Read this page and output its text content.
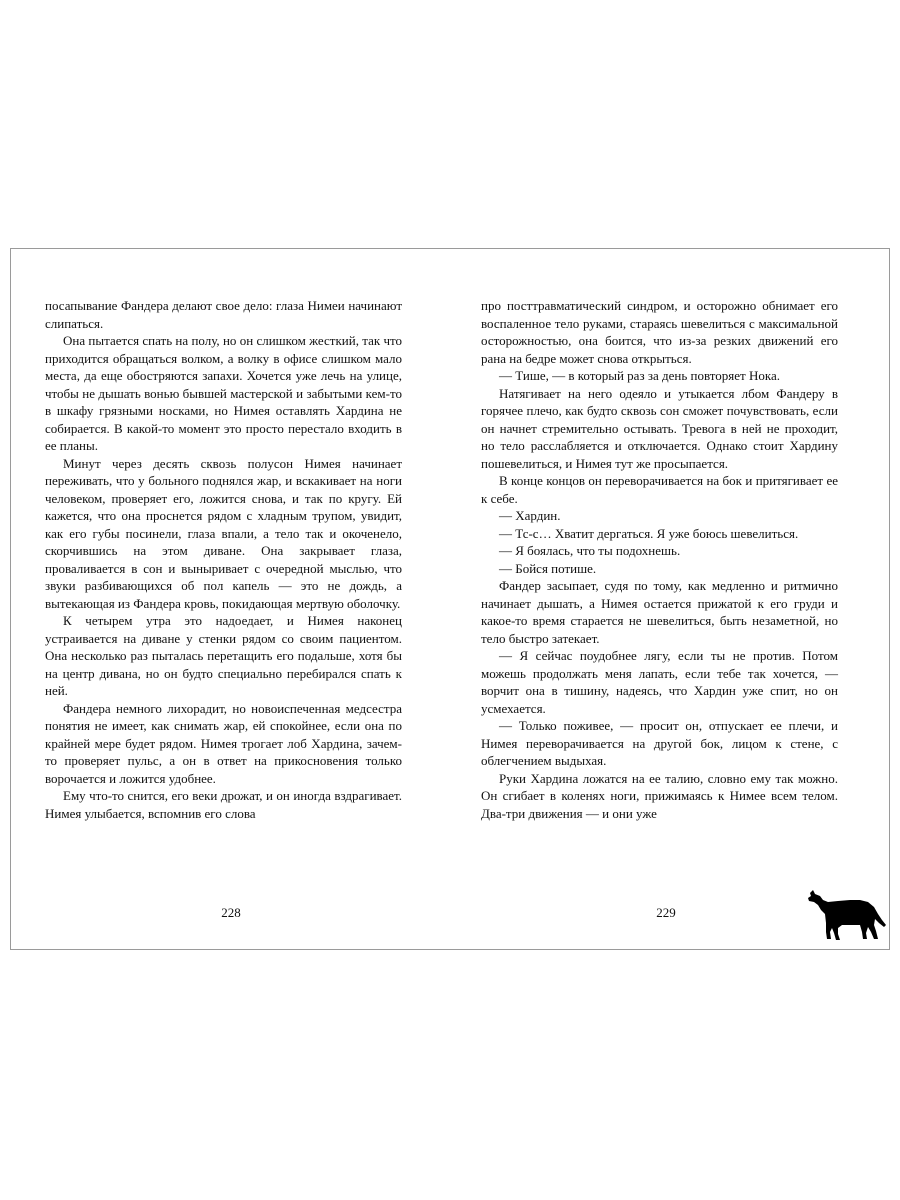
посапывание Фандера делают свое дело: глаза Нимеи начинают слипаться.

Она пытается спать на полу, но он слишком жесткий, так что приходится обращаться волком, а волку в офисе слишком мало места, да еще обостряются запахи. Хочется уже лечь на улице, чтобы не дышать вонью бывшей мастерской и забытыми кем-то в шкафу грязными носками, но Нимея оставлять Хардина не собирается. В какой-то момент это просто перестало входить в ее планы.

Минут через десять сквозь полусон Нимея начинает переживать, что у больного поднялся жар, и вскакивает на ноги человеком, проверяет его, ложится снова, и так по кругу. Ей кажется, что она проснется рядом с хладным трупом, увидит, как его губы посинели, глаза впали, а тело так и окоченело, скорчившись на этом диване. Она закрывает глаза, проваливается в сон и выныривает с очередной мыслью, что звуки разбивающихся об пол капель — это не дождь, а вытекающая из Фандера кровь, покидающая мертвую оболочку.

К четырем утра это надоедает, и Нимея наконец устраивается на диване у стенки рядом со своим пациентом. Она несколько раз пыталась перетащить его подальше, хотя бы на центр дивана, но он будто специально перебирался спать к ней.

Фандера немного лихорадит, но новоиспеченная медсестра понятия не имеет, как снимать жар, ей спокойнее, если она по крайней мере будет рядом. Нимея трогает лоб Хардина, зачем-то проверяет пульс, а он в ответ на прикосновения только ворочается и ложится удобнее.

Ему что-то снится, его веки дрожат, и он иногда вздрагивает. Нимея улыбается, вспомнив его слова

про посттравматический синдром, и осторожно обнимает его воспаленное тело руками, стараясь шевелиться с максимальной осторожностью, она боится, что из-за резких движений его рана на бедре может снова открыться.

— Тише, — в который раз за день повторяет Нока.

Натягивает на него одеяло и утыкается лбом Фандеру в горячее плечо, как будто сквозь сон сможет почувствовать, если он начнет стремительно остывать. Тревога в ней не проходит, но тело расслабляется и отключается. Однако стоит Хардину пошевелиться, и Нимея тут же просыпается.

В конце концов он переворачивается на бок и притягивает ее к себе.

— Хардин.

— Тс-с… Хватит дергаться. Я уже боюсь шевелиться.

— Я боялась, что ты подохнешь.

— Бойся потише.

Фандер засыпает, судя по тому, как медленно и ритмично начинает дышать, а Нимея остается прижатой к его груди и какое-то время старается не шевелиться, быть незаметной, но тело быстро затекает.

— Я сейчас поудобнее лягу, если ты не против. Потом можешь продолжать меня лапать, если тебе так хочется, — ворчит она в тишину, надеясь, что Хардин уже спит, но он усмехается.

— Только поживее, — просит он, отпускает ее плечи, и Нимея переворачивается на другой бок, лицом к стене, с облегчением выдыхая.

Руки Хардина ложатся на ее талию, словно ему так можно. Он сгибает в коленях ноги, прижимаясь к Нимее всем телом. Два-три движения — и они уже

228	229
